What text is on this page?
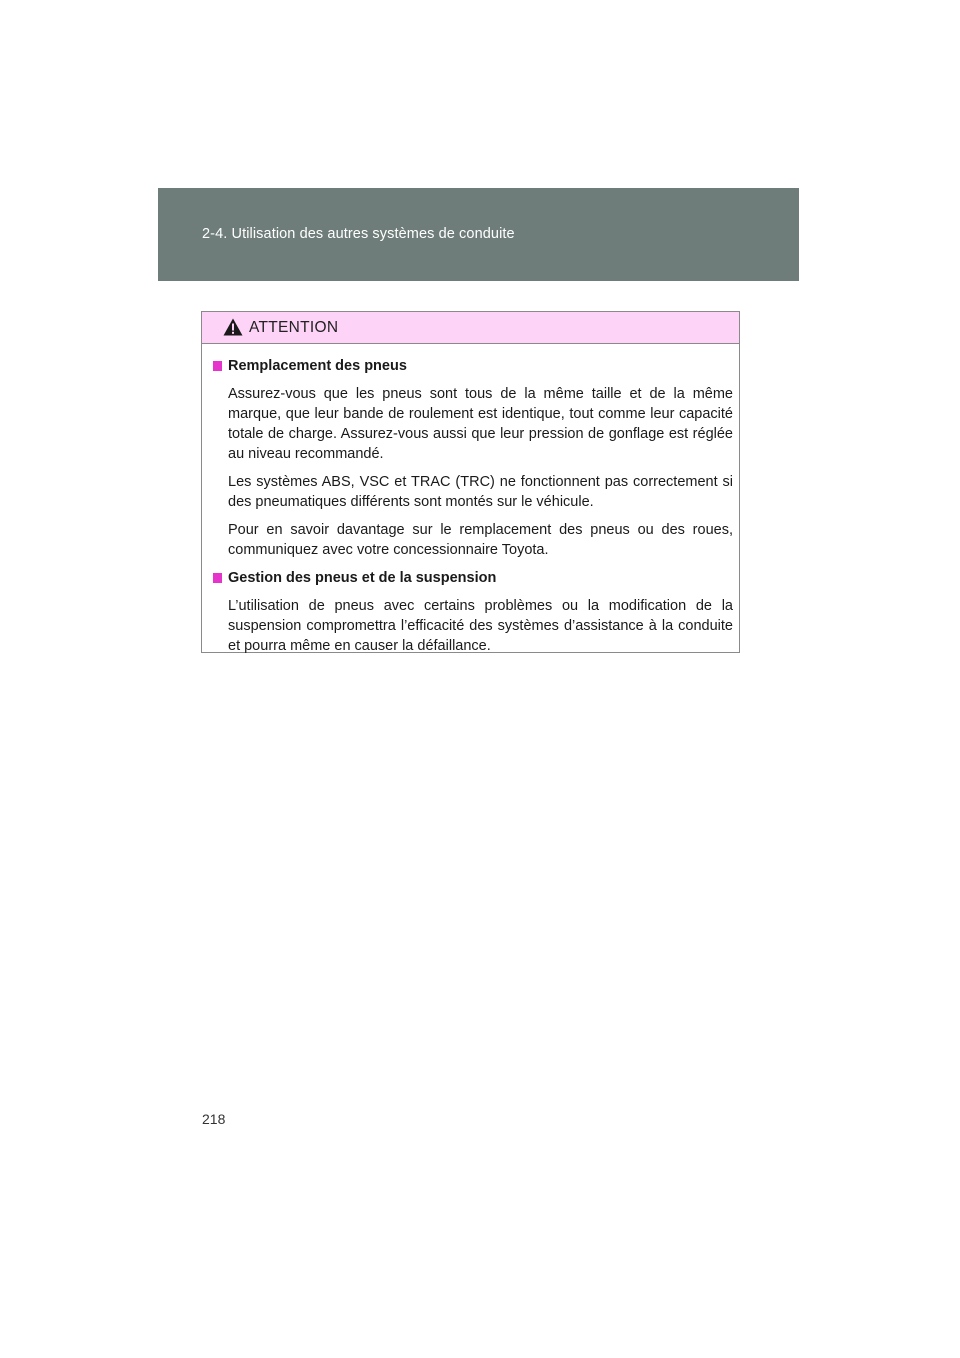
2-4. Utilisation des autres systèmes de conduite
ATTENTION
Remplacement des pneus

Assurez-vous que les pneus sont tous de la même taille et de la même marque, que leur bande de roulement est identique, tout comme leur capacité totale de charge. Assurez-vous aussi que leur pression de gonflage est réglée au niveau recommandé.

Les systèmes ABS, VSC et TRAC (TRC) ne fonctionnent pas correctement si des pneumatiques différents sont montés sur le véhicule.

Pour en savoir davantage sur le remplacement des pneus ou des roues, communiquez avec votre concessionnaire Toyota.

Gestion des pneus et de la suspension

L’utilisation de pneus avec certains problèmes ou la modification de la suspension compromettra l’efficacité des systèmes d’assistance à la conduite et pourra même en causer la défaillance.

218
